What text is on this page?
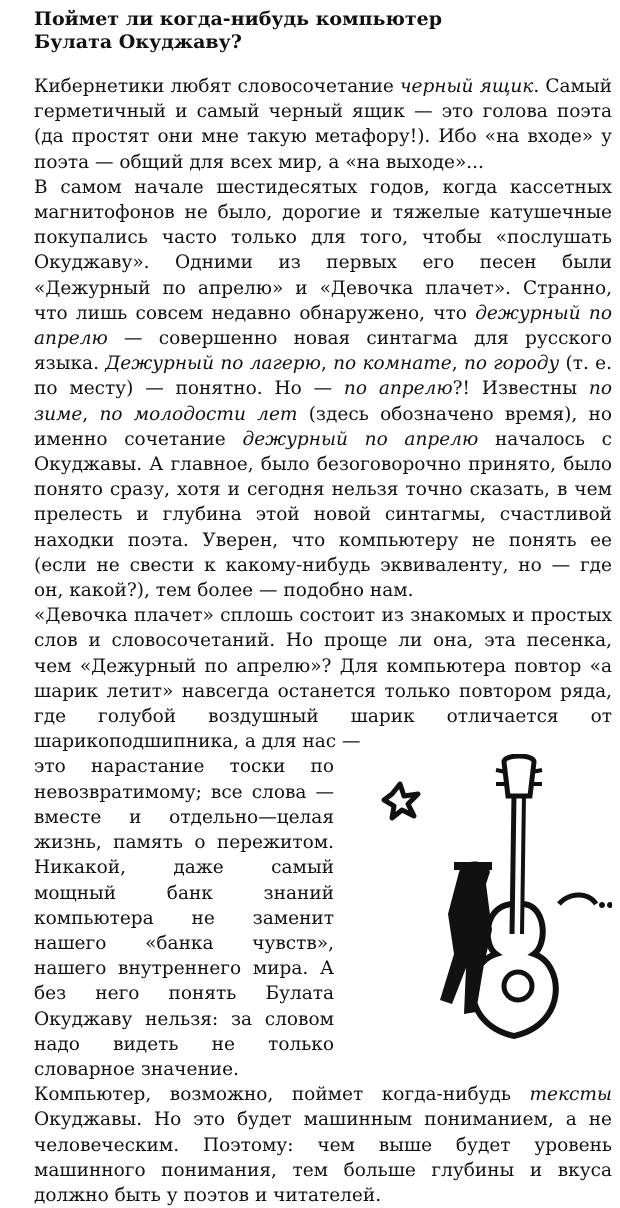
Поймет ли когда-нибудь компьютер
Булата Окуджаву?

Кибернетики любят словосочетание черный ящик. Самый герметичный и самый черный ящик — это голова поэта (да простят они мне такую метафору!). Ибо «на входе» у поэта — общий для всех мир, а «на выходе»...

В самом начале шестидесятых годов, когда кассетных магнитофонов не было, дорогие и тяжелые катушечные покупались часто только для того, чтобы «послушать Окуджаву». Одними из первых его песен были «Дежурный по апрелю» и «Девочка плачет». Странно, что лишь совсем недавно обнаружено, что дежурный по апрелю — совершенно новая синтагма для русского языка. Дежурный по лагерю, по комнате, по городу (т. е. по месту) — понятно. Но — по апрелю?! Известны по зиме, по молодости лет (здесь обозначено время), но именно сочетание дежурный по апрелю началось с Окуджавы. А главное, было безоговорочно принято, было понято сразу, хотя и сегодня нельзя точно сказать, в чем прелесть и глубина этой новой синтагмы, счастливой находки поэта. Уверен, что компьютеру не понять ее (если не свести к какому-нибудь эквиваленту, но — где он, какой?), тем более — подобно нам.

«Девочка плачет» сплошь состоит из знакомых и простых слов и словосочетаний. Но проще ли она, эта песенка, чем «Дежурный по апрелю»? Для компьютера повтор «а шарик летит» навсегда останется только повтором ряда, где голубой воздушный шарик отличается от шарикоподшипника, а для нас —

это нарастание тоски по невозвратимому; все слова — вместе и отдельно—целая жизнь, память о пережитом. Никакой, даже самый мощный банк знаний компьютера не заменит нашего «банка чувств», нашего внутреннего мира. А без него понять Булата Окуджаву нельзя: за словом надо видеть не только словарное значение.

Компьютер, возможно, поймет когда-нибудь тексты Окуджавы. Но это будет машинным пониманием, а не человеческим. Поэтому: чем выше будет уровень машинного понимания, тем больше глубины и вкуса должно быть у поэтов и читателей.
